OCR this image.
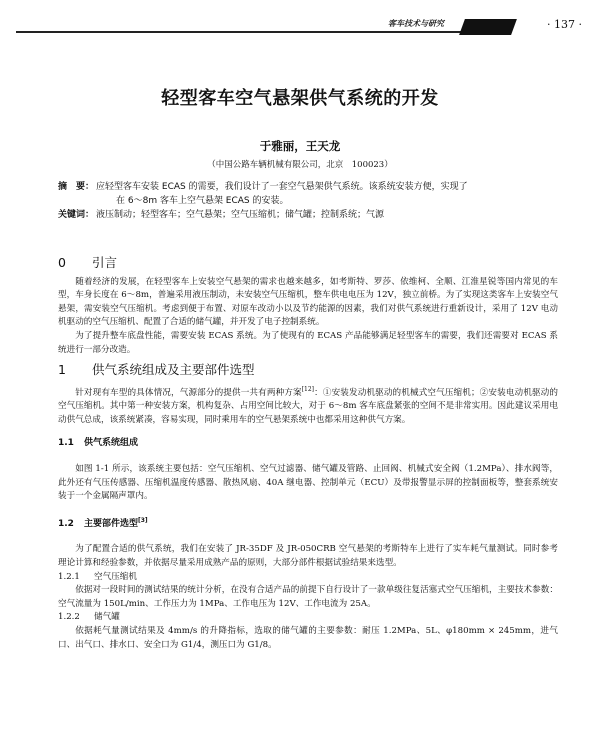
客车技术与研究	· 137 ·
轻型客车空气悬架供气系统的开发
于雅丽，王天龙
（中国公路车辆机械有限公司，北京　100023）
摘　要： 应轻型客车安装 ECAS 的需要，我们设计了一套空气悬架供气系统。该系统安装方便，实现了
在 6～8m 客车上空气悬架 ECAS 的安装。
关键词： 液压制动；轻型客车；空气悬架；空气压缩机；储气罐；控制系统；气源
0 引言

随着经济的发展，在轻型客车上安装空气悬架的需求也越来越多，如考斯特、罗莎、依维柯、全顺、江淮星锐等国内常见的车型，车身长度在 6～8m，普遍采用液压制动，未安装空气压缩机，整车供电电压为 12V，独立前桥。为了实现这类客车上安装空气悬架，需安装空气压缩机。考虑到便于布置、对原车改动小以及节约能源的因素，我们对供气系统进行重新设计，采用了 12V 电动机驱动的空气压缩机、配置了合适的储气罐，并开发了电子控制系统。

为了提升整车底盘性能，需要安装 ECAS 系统。为了使现有的 ECAS 产品能够满足轻型客车的需要，我们还需要对 ECAS 系统进行一部分改造。

1 供气系统组成及主要部件选型

针对现有车型的具体情况，气源部分的提供一共有两种方案[12]：①安装发动机驱动的机械式空气压缩机；②安装电动机驱动的空气压缩机。其中第一种安装方案，机构复杂、占用空间比较大，对于 6～8m 客车底盘紧张的空间不是非常实用。因此建议采用电动供气总成，该系统紧凑，容易实现，同时乘用车的空气悬架系统中也都采用这种供气方案。

1.1 供气系统组成

如图 1-1 所示，该系统主要包括：空气压缩机、空气过滤器、储气罐及管路、止回阀、机械式安全阀（1.2MPa）、排水阀等，此外还有气压传感器、压缩机温度传感器、散热风扇、40A 继电器、控制单元（ECU）及带报警显示屏的控制面板等，整套系统安装于一个金属隔声罩内。

1.2 主要部件选型[3]

为了配置合适的供气系统，我们在安装了 JR-35DF 及 JR-050CRB 空气悬架的考斯特车上进行了实车耗气量测试。同时参考理论计算和经验参数，并依据尽量采用成熟产品的原则，大部分部件根据试验结果来选型。

1.2.1 空气压缩机

依据对一段时间的测试结果的统计分析，在没有合适产品的前提下自行设计了一款单级往复活塞式空气压缩机，主要技术参数：空气流量为 150L/min、工作压力为 1MPa、工作电压为 12V、工作电流为 25A。

1.2.2 储气罐

依据耗气量测试结果及 4mm/s 的升降指标，选取的储气罐的主要参数：耐压 1.2MPa、5L、φ180mm × 245mm，进气口、出气口、排水口、安全口为 G1/4，测压口为 G1/8。
